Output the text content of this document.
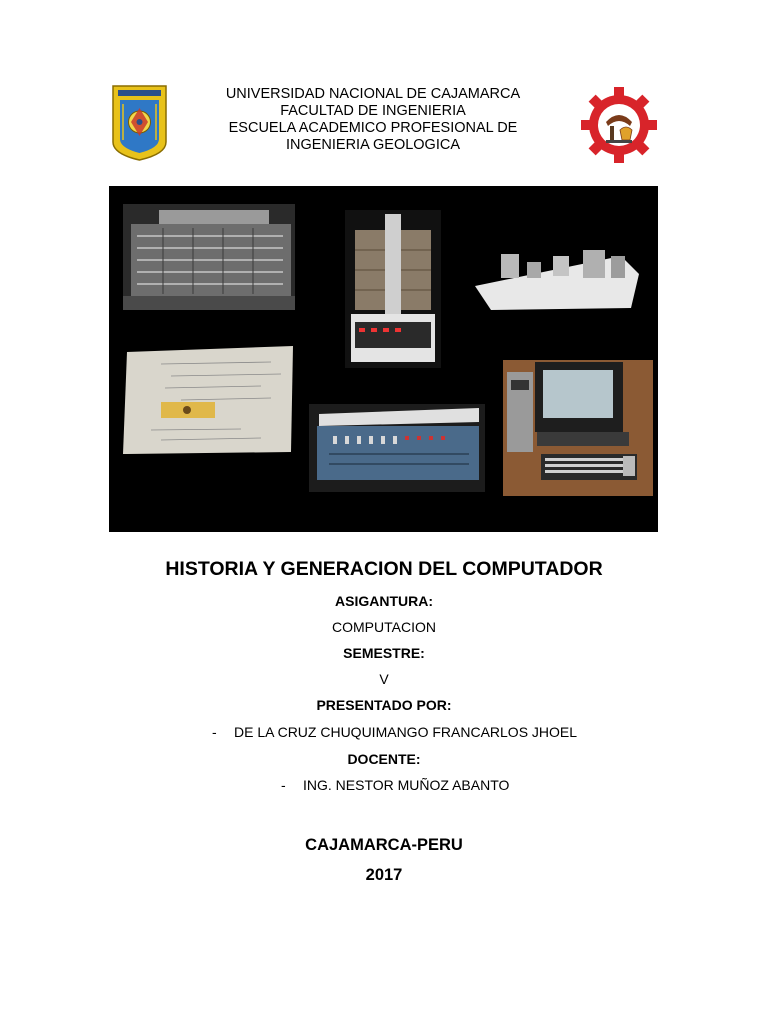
UNIVERSIDAD NACIONAL DE CAJAMARCA
FACULTAD DE INGENIERIA
ESCUELA ACADEMICO PROFESIONAL DE
INGENIERIA GEOLOGICA
HISTORIA Y GENERACION DEL COMPUTADOR
ASIGANTURA:
COMPUTACION
SEMESTRE:
V
PRESENTADO POR:
- DE LA CRUZ CHUQUIMANGO FRANCARLOS JHOEL
DOCENTE:
- ING. NESTOR MUÑOZ ABANTO
CAJAMARCA-PERU
2017
